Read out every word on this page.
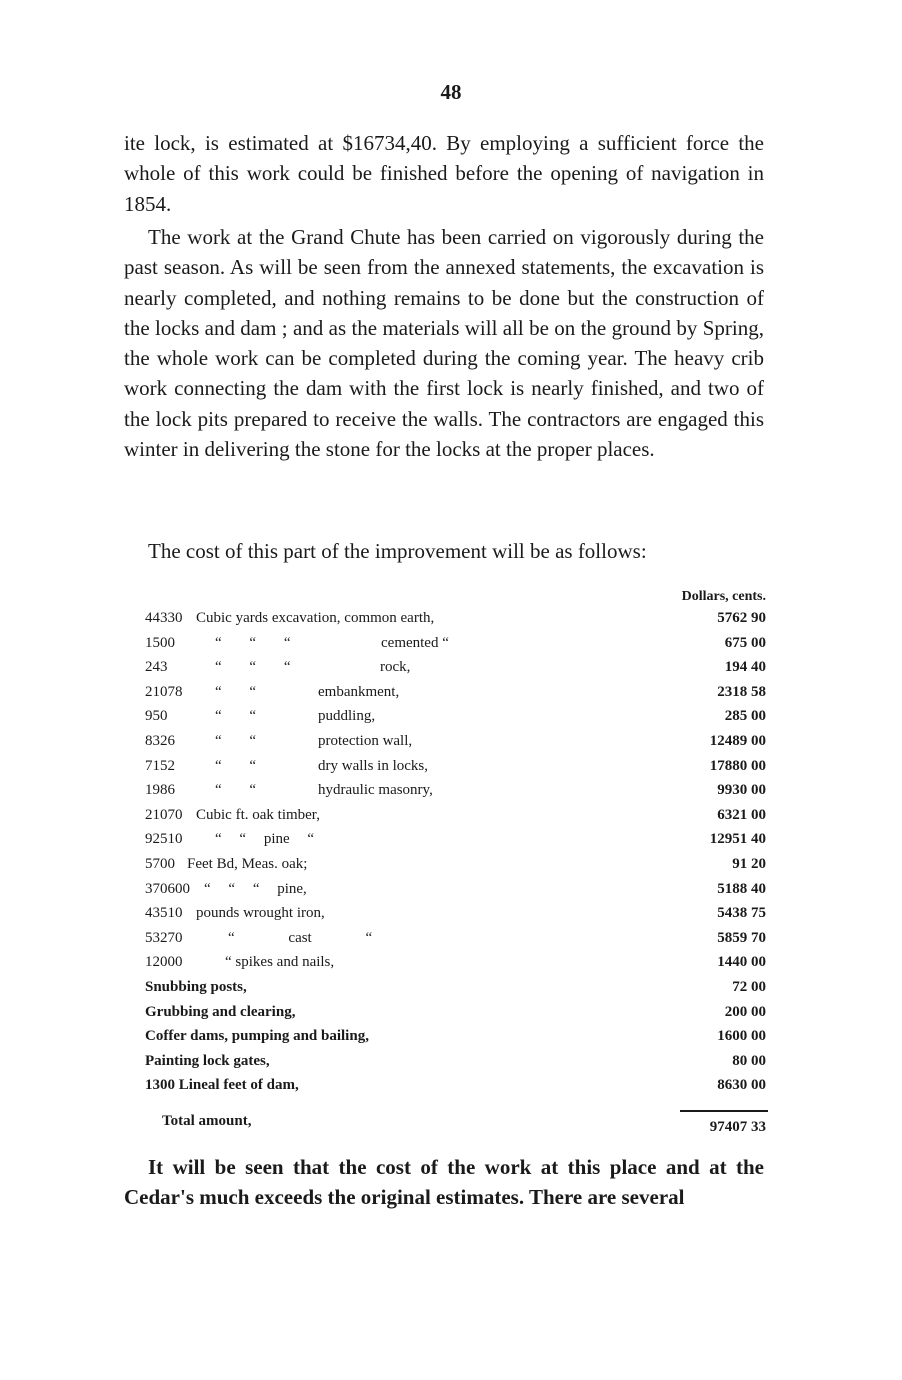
48

ite lock, is estimated at $16734,40. By employing a sufficient force the whole of this work could be finished before the opening of navigation in 1854.

The work at the Grand Chute has been carried on vigorously during the past season. As will be seen from the annexed statements, the excavation is nearly completed, and nothing remains to be done but the construction of the locks and dam ; and as the materials will all be on the ground by Spring, the whole work can be completed during the coming year. The heavy crib work connecting the dam with the first lock is nearly finished, and two of the lock pits prepared to receive the walls. The contractors are engaged this winter in delivering the stone for the locks at the proper places.

The cost of this part of the improvement will be as follows:

Dollars, cents.
44330 Cubic yards excavation, common earth,	5762 90
1500	“ “ “	cemented “	675 00
243	“ “ “	rock,	194 40
21078 “ “	embankment,	2318 58
950	“ “	puddling,	285 00
8326	“ “	protection wall,	12489 00
7152	“ “	dry walls in locks,	17880 00
1986	“ “	hydraulic masonry,	9930 00
21070 Cubic ft. oak timber,	6321 00
92510 “ “ pine “	12951 40
5700 Feet Bd, Meas. oak;	91 20
370600 “ “ “ pine,	5188 40
43510 pounds wrought iron,	5438 75
53270	“ cast “	5859 70
12000	“ spikes and nails,	1440 00
Snubbing posts,	72 00
Grubbing and clearing,	200 00
Coffer dams, pumping and bailing,	1600 00
Painting lock gates,	80 00
1300 Lineal feet of dam,	8630 00
Total amount,	97407 33

It will be seen that the cost of the work at this place and at the Cedar's much exceeds the original estimates. There are several
